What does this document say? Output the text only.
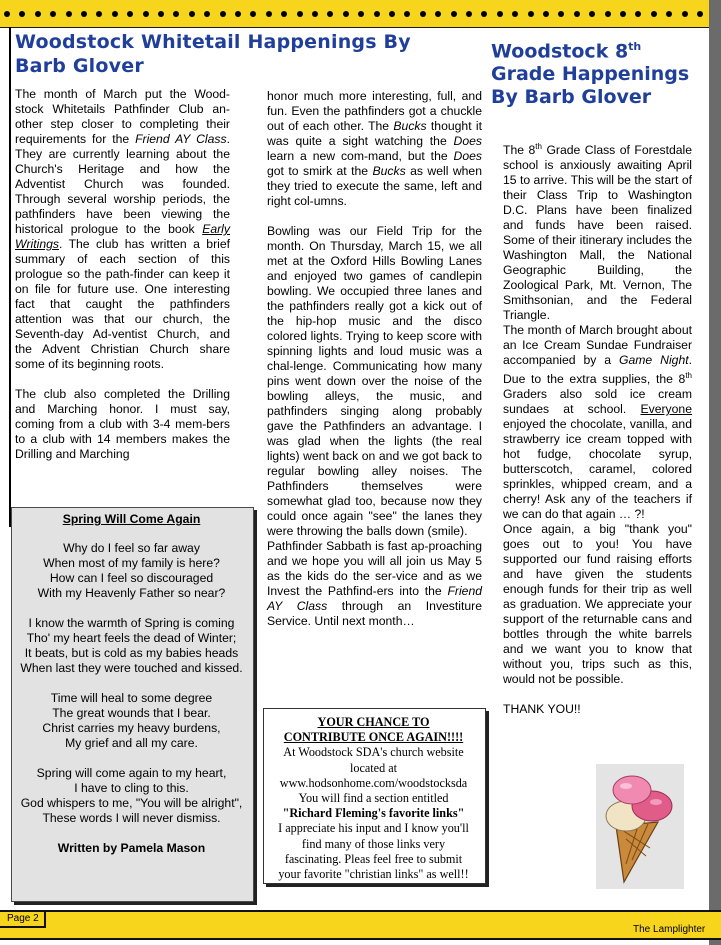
Woodstock Whitetail Happenings By Barb Glover
Woodstock 8th
Grade Happenings
By Barb Glover

The month of March put the Wood-stock Whitetails Pathfinder Club an-other step closer to completing their requirements for the Friend AY Class. They are currently learning about the Church's Heritage and how the Adventist Church was founded. Through several worship periods, the pathfinders have been viewing the historical prologue to the book Early Writings. The club has written a brief summary of each section of this prologue so the path-finder can keep it on file for future use. One interesting fact that caught the pathfinders attention was that our church, the Seventh-day Ad-ventist Church, and the Advent Christian Church share some of its beginning roots.

The club also completed the Drilling and Marching honor. I must say, coming from a club with 3-4 mem-bers to a club with 14 members makes the Drilling and Marching

Spring Will Come Again
Why do I feel so far away
When most of my family is here?
How can I feel so discouraged
With my Heavenly Father so near?
I know the warmth of Spring is coming
Tho' my heart feels the dead of Winter;
It beats, but is cold as my babies heads
When last they were touched and kissed.
Time will heal to some degree
The great wounds that I bear.
Christ carries my heavy burdens,
My grief and all my care.
Spring will come again to my heart,
I have to cling to this.
God whispers to me, "You will be alright",
These words I will never dismiss.
Written by Pamela Mason

honor much more interesting, full, and fun. Even the pathfinders got a chuckle out of each other. The Bucks thought it was quite a sight watching the Does learn a new com-mand, but the Does got to smirk at the Bucks as well when they tried to execute the same, left and right col-umns.

Bowling was our Field Trip for the month. On Thursday, March 15, we all met at the Oxford Hills Bowling Lanes and enjoyed two games of candlepin bowling. We occupied three lanes and the pathfinders really got a kick out of the hip-hop music and the disco colored lights. Trying to keep score with spinning lights and loud music was a chal-lenge. Communicating how many pins went down over the noise of the bowling alleys, the music, and pathfinders singing along probably gave the Pathfinders an advantage. I was glad when the lights (the real lights) went back on and we got back to regular bowling alley noises. The Pathfinders themselves were somewhat glad too, because now they could once again "see" the lanes they were throwing the balls down (smile).

Pathfinder Sabbath is fast ap-proaching and we hope you will all join us May 5 as the kids do the ser-vice and as we Invest the Pathfind-ers into the Friend AY Class through an Investiture Service. Until next month…

YOUR CHANCE TO
CONTRIBUTE ONCE AGAIN!!!!
At Woodstock SDA's church website
located at
www.hodsonhome.com/woodstocksda
You will find a section entitled
"Richard Fleming's favorite links"
I appreciate his input and I know you'll
find many of those links very
fascinating. Pleas feel free to submit
your favorite "christian links" as well!!

The 8th Grade Class of Forestdale school is anxiously awaiting April 15 to arrive. This will be the start of their Class Trip to Washington D.C. Plans have been finalized and funds have been raised. Some of their itinerary includes the Washington Mall, the National Geographic Building, the Zoological Park, Mt. Vernon, The Smithsonian, and the Federal Triangle.

The month of March brought about an Ice Cream Sundae Fundraiser accompanied by a Game Night. Due to the extra supplies, the 8th Graders also sold ice cream sundaes at school. Everyone enjoyed the chocolate, vanilla, and strawberry ice cream topped with hot fudge, chocolate syrup, butterscotch, caramel, colored sprinkles, whipped cream, and a cherry! Ask any of the teachers if we can do that again … ?!

Once again, a big "thank you" goes out to you! You have supported our fund raising efforts and have given the students enough funds for their trip as well as graduation. We appreciate your support of the returnable cans and bottles through the white barrels and we want you to know that without you, trips such as this, would not be possible.

THANK YOU!!

Page 2
The Lamplighter
